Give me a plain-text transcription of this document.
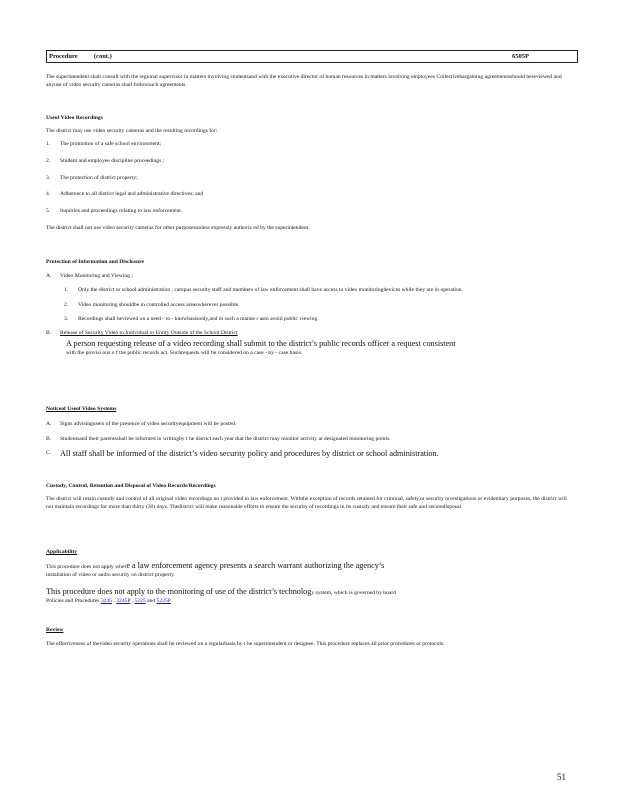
Procedure          (cont.)	6505P

The superintendent shall consult with the regional supervisor in matters involving studentsand with the executive director of human resources in matters involving employees Collectivebargaining agreementsshould bereviewed and anyuse of video security cameras shall followsuch agreements.

Useof Video Recordings

The district may use video security cameras and the resulting recordings for:

1.	The promotion of a safe school environment;
2.	Student and employee discipline proceedings ;
3.	The protection of district property;
4.	Adherence to all district legal and administrative directives; and
5.	Inquiries and proceedings relating to law enforcement.

The district shall not use video security cameras for other purposesunless expressly authoriz ed by the superintendent.

Protection of Information and Disclosure

A.	Video Monitoring and Viewing ;
1.	Only the district or school administration , campus security staff and members of law enforcement shall have access to video monitoringdevices while they are in operation.
2.	Video monitoring shouldbe in controlled access areaswherever possible.
3.	Recordings shall beviewed on a need - to - knowbasisonly,and in such a manne r asto avoid public viewing.
B.	Release of Security Video to Individual or Entity Outside of the School District

A person requesting release of a video recording shall submit to the district’s public records officer a request consistent

with the provisi ons o f the public records act. Suchrequests will be considered on a case - by - case basis.

Noticeof Useof Video Systems

A.	Signs advisingusers of the presence of video securityequipment will be posted.
B.	Studentsand their parentsshall be informed in writingby t he district each year that the district may monitor activity at designated monitoring points.
C.	All staff shall be informed of the district’s video security policy and procedures by district or school administration.

Custody, Control, Retention and Disposal of Video Records/Recordings

The district will retain custody and control of all original video recordings no t provided to law enforcement. Withthe exception of records retained for criminal, safety,or security investigations or evidentiary purposes, the district will not maintain recordings for more than thirty (30) days. Thedistrict will make reasonable efforts to ensure the security of recordings in its custody and ensure their safe and securedisposal.

Applicability

This procedure does not apply where a law enforcement agency presents a search warrant authorizing the agency’s

installation of video or audio security on district property.

This procedure does not apply to the monitoring of use of the district’s technology system, which is governed by board

Policies and Procedures 3245 , 3245P , 5225 and 5225P

Review

The effectiveness of thevideo security operations shall be reviewed on a regularbasis by t he superintendent or designee. This procedure replaces all prior procedures or protocols.

51
